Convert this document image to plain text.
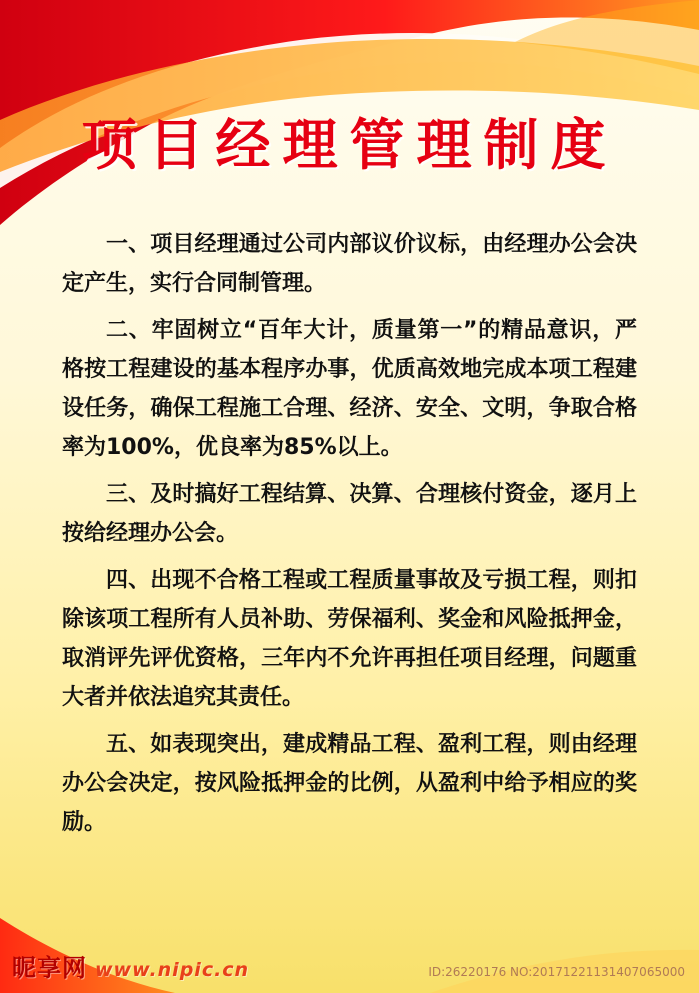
项目经理管理制度

一、项目经理通过公司内部议价议标，由经理办公会决定产生，实行合同制管理。

二、牢固树立“百年大计，质量第一”的精品意识，严格按工程建设的基本程序办事，优质高效地完成本项工程建设任务，确保工程施工合理、经济、安全、文明，争取合格率为100%，优良率为85%以上。

三、及时搞好工程结算、决算、合理核付资金，逐月上按给经理办公会。

四、出现不合格工程或工程质量事故及亏损工程，则扣除该项工程所有人员补助、劳保福利、奖金和风险抵押金，取消评先评优资格，三年内不允许再担任项目经理，问题重大者并依法追究其责任。

五、如表现突出，建成精品工程、盈利工程，则由经理办公会决定，按风险抵押金的比例，从盈利中给予相应的奖励。

昵享网 www.nipic.cn	ID:26220176 NO:20171221131407065000
